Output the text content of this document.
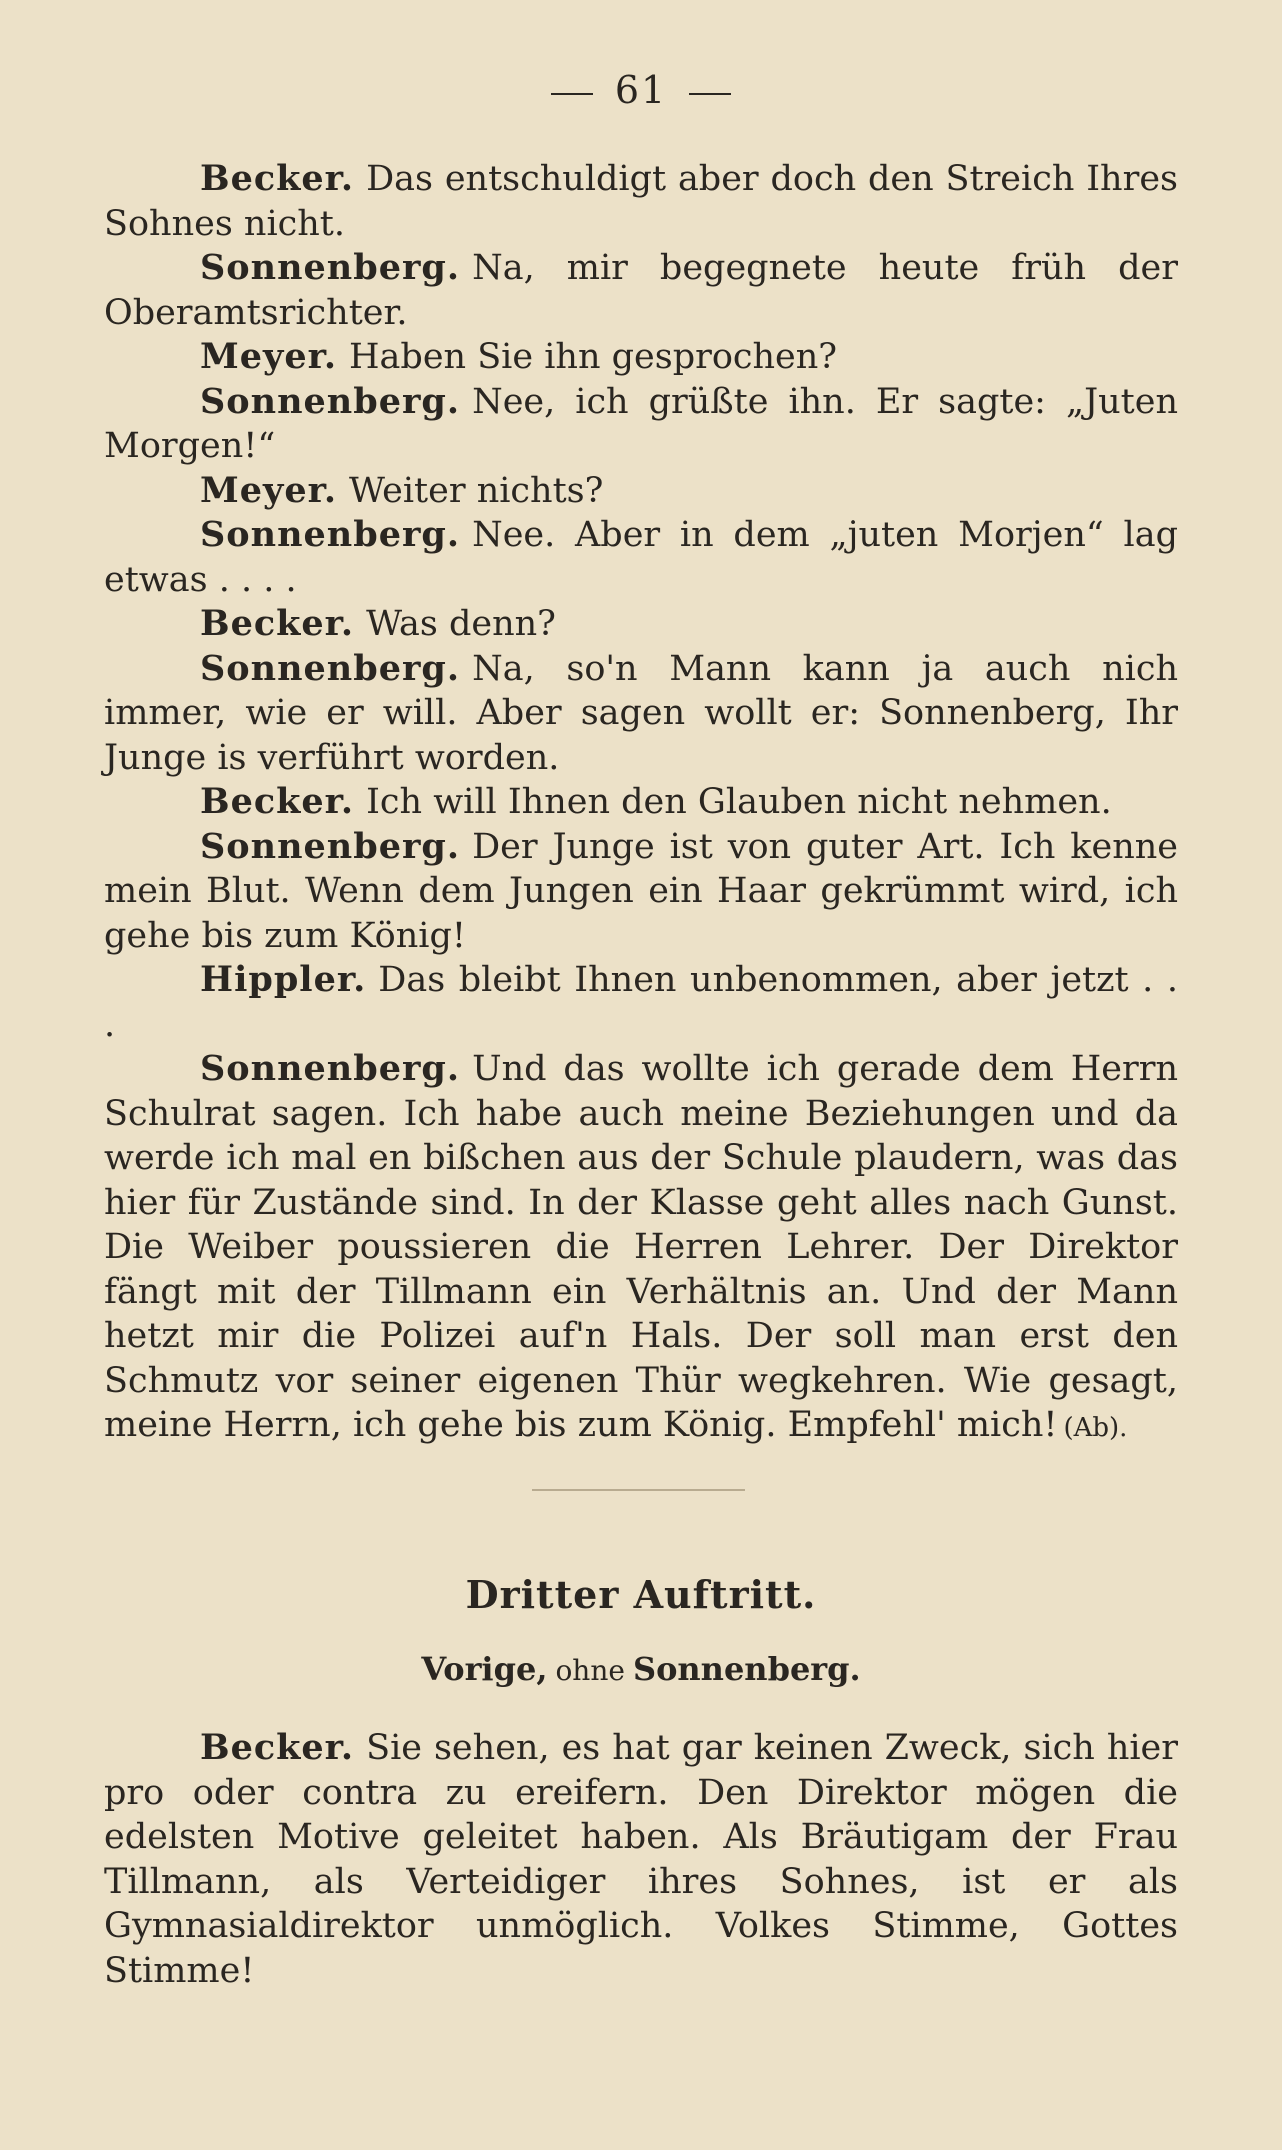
61

Becker. Das entschuldigt aber doch den Streich Ihres Sohnes nicht.

Sonnenberg. Na, mir begegnete heute früh der Oberamtsrichter.

Meyer. Haben Sie ihn gesprochen?

Sonnenberg. Nee, ich grüßte ihn. Er sagte: „Juten Morgen!“

Meyer. Weiter nichts?

Sonnenberg. Nee. Aber in dem „juten Morjen“ lag etwas . . . .

Becker. Was denn?

Sonnenberg. Na, so'n Mann kann ja auch nich immer, wie er will. Aber sagen wollt er: Sonnenberg, Ihr Junge is verführt worden.

Becker. Ich will Ihnen den Glauben nicht nehmen.

Sonnenberg. Der Junge ist von guter Art. Ich kenne mein Blut. Wenn dem Jungen ein Haar gekrümmt wird, ich gehe bis zum König!

Hippler. Das bleibt Ihnen unbenommen, aber jetzt . . .

Sonnenberg. Und das wollte ich gerade dem Herrn Schulrat sagen. Ich habe auch meine Beziehungen und da werde ich mal en bißchen aus der Schule plaudern, was das hier für Zustände sind. In der Klasse geht alles nach Gunst. Die Weiber poussieren die Herren Lehrer. Der Direktor fängt mit der Tillmann ein Verhältnis an. Und der Mann hetzt mir die Polizei auf'n Hals. Der soll man erst den Schmutz vor seiner eigenen Thür wegkehren. Wie gesagt, meine Herrn, ich gehe bis zum König. Empfehl' mich! (Ab).

Dritter Auftritt.
Vorige, ohne Sonnenberg.

Becker. Sie sehen, es hat gar keinen Zweck, sich hier pro oder contra zu ereifern. Den Direktor mögen die edelsten Motive geleitet haben. Als Bräutigam der Frau Tillmann, als Verteidiger ihres Sohnes, ist er als Gymnasialdirektor unmöglich. Volkes Stimme, Gottes Stimme!
